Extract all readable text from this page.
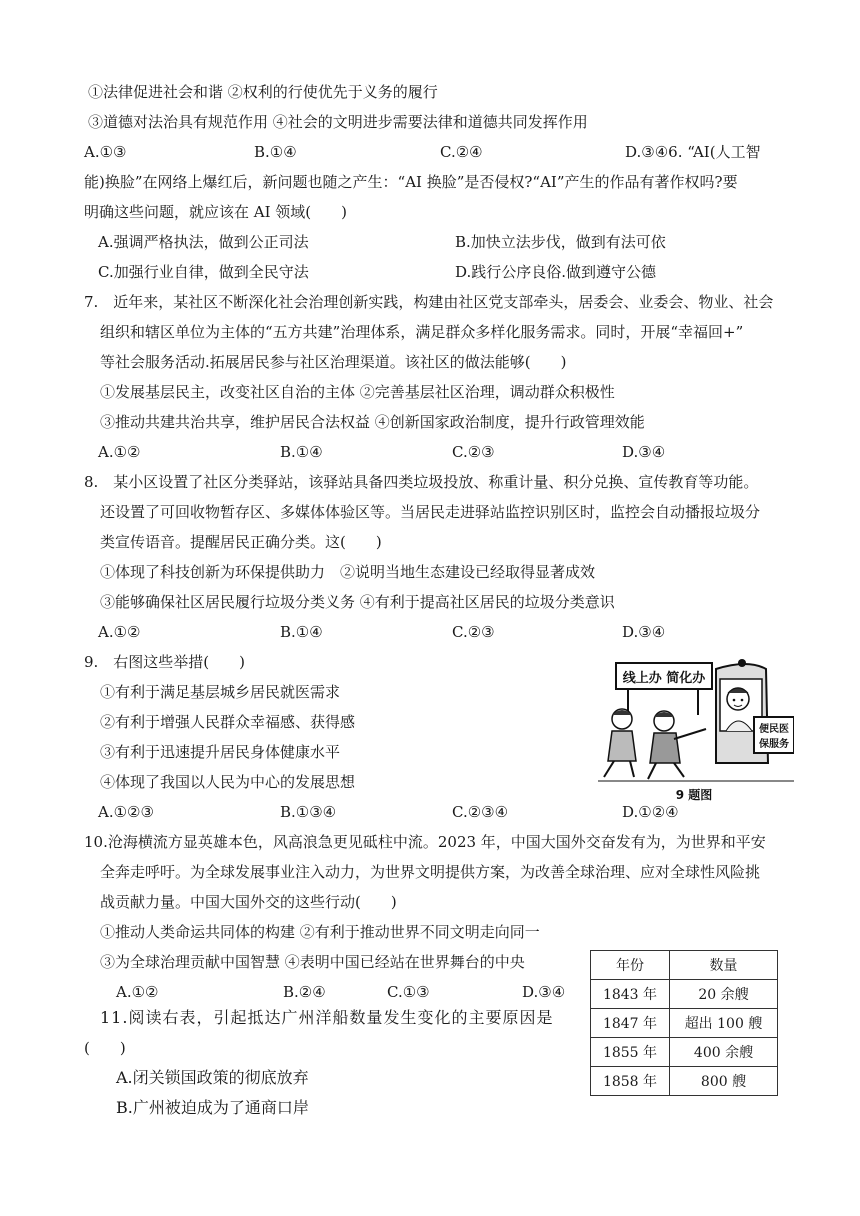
①法律促进社会和谐 ②权利的行使优先于义务的履行
③道德对法治具有规范作用 ④社会的文明进步需要法律和道德共同发挥作用
A.①③	B.①④	C.②④	D.③④6. “AI(人工智
能)换脸”在网络上爆红后，新问题也随之产生：“AI 换脸”是否侵权?“AI”产生的作品有著作权吗?要
明确这些问题，就应该在 AI 领域(　　)
A.强调严格执法，做到公正司法	B.加快立法步伐，做到有法可依
C.加强行业自律，做到全民守法	D.践行公序良俗.做到遵守公德
7.　近年来，某社区不断深化社会治理创新实践，构建由社区党支部牵头，居委会、业委会、物业、社会
组织和辖区单位为主体的“五方共建”治理体系，满足群众多样化服务需求。同时，开展“幸福回+”
等社会服务活动.拓展居民参与社区治理渠道。该社区的做法能够(　　)
①发展基层民主，改变社区自治的主体 ②完善基层社区治理，调动群众积极性
③推动共建共治共享，维护居民合法权益 ④创新国家政治制度，提升行政管理效能
A.①②	B.①④	C.②③	D.③④
8.　某小区设置了社区分类驿站，该驿站具备四类垃圾投放、称重计量、积分兑换、宣传教育等功能。
还设置了可回收物暂存区、多媒体体验区等。当居民走进驿站监控识别区时，监控会自动播报垃圾分
类宣传语音。提醒居民正确分类。这(　　)
①体现了科技创新为环保提供助力　②说明当地生态建设已经取得显著成效
③能够确保社区居民履行垃圾分类义务 ④有利于提高社区居民的垃圾分类意识
A.①②	B.①④	C.②③	D.③④
9.　右图这些举措(　　)
①有利于满足基层城乡居民就医需求
②有利于增强人民群众幸福感、获得感
③有利于迅速提升居民身体健康水平
④体现了我国以人民为中心的发展思想
A.①②③	B.①③④	C.②③④	D.①②④
线上办 简化办
便民医
保服务
9 题图
10.沧海横流方显英雄本色，风高浪急更见砥柱中流。2023 年，中国大国外交奋发有为，为世界和平安
全奔走呼吁。为全球发展事业注入动力，为世界文明提供方案，为改善全球治理、应对全球性风险挑
战贡献力量。中国大国外交的这些行动(　　)
①推动人类命运共同体的构建 ②有利于推动世界不同文明走向同一
③为全球治理贡献中国智慧 ④表明中国已经站在世界舞台的中央
A.①②	B.②④	C.①③	D.③④
11.阅读右表，引起抵达广州洋船数量发生变化的主要原因是
(　　)
A.闭关锁国政策的彻底放弃
B.广州被迫成为了通商口岸
年份	数量
1843 年	20 余艘
1847 年	超出 100 艘
1855 年	400 余艘
1858 年	800 艘
